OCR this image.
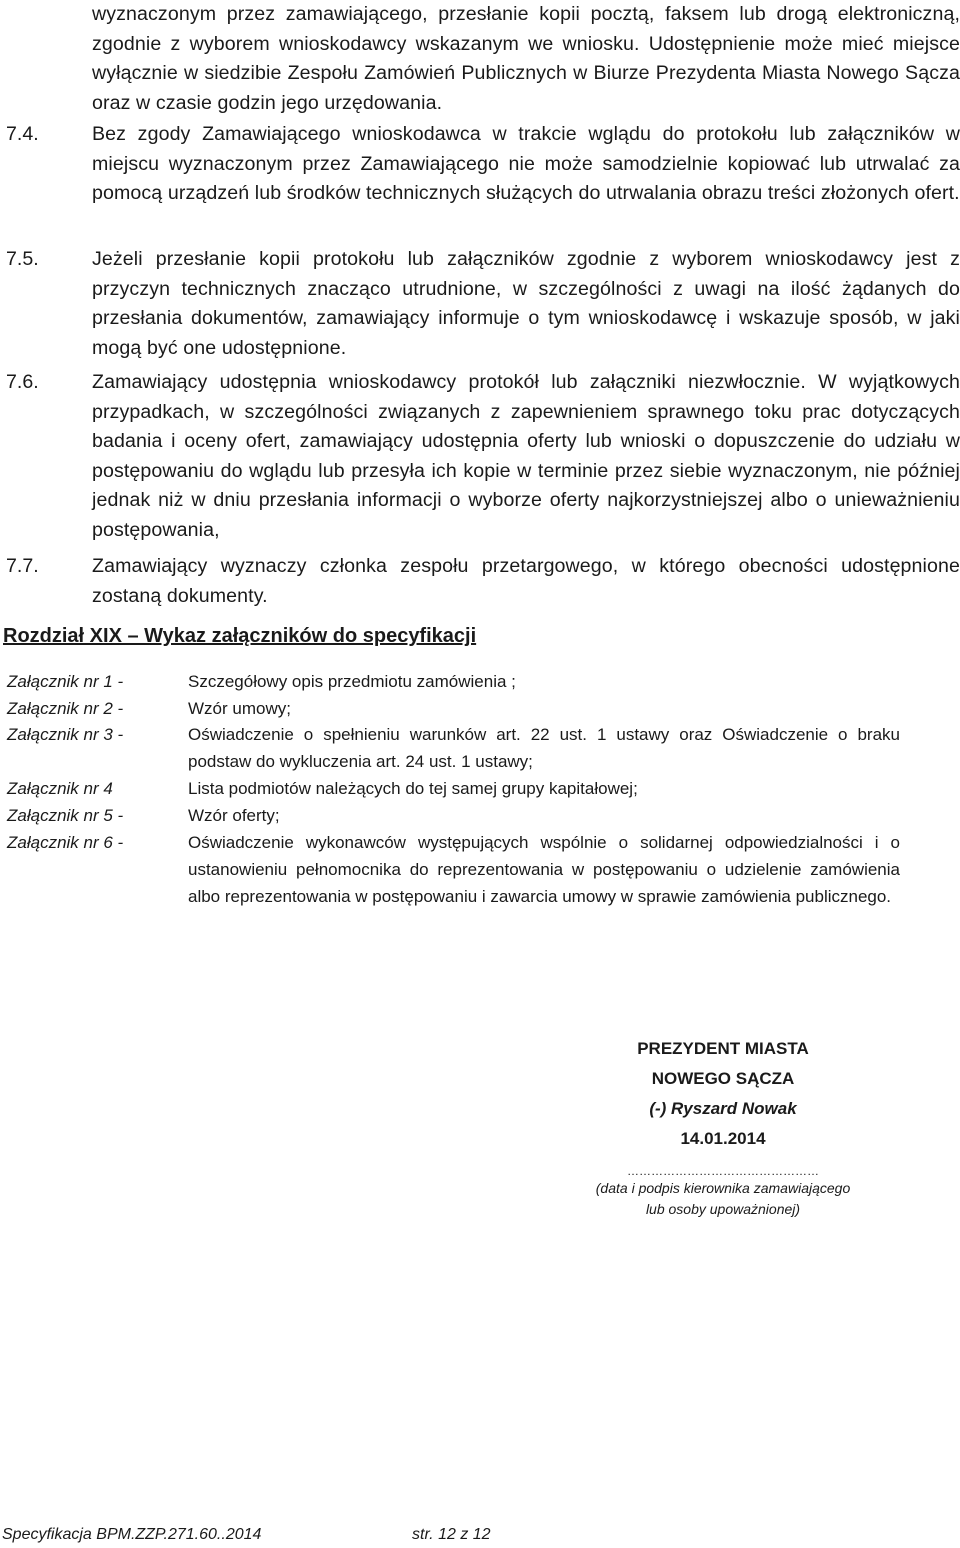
wyznaczonym przez zamawiającego, przesłanie kopii pocztą, faksem lub drogą elektroniczną, zgodnie z wyborem wnioskodawcy wskazanym we wniosku. Udostępnienie może mieć miejsce wyłącznie w siedzibie Zespołu Zamówień Publicznych w Biurze Prezydenta Miasta Nowego Sącza oraz w czasie godzin jego urzędowania.
7.4.	Bez zgody Zamawiającego wnioskodawca w trakcie wglądu do protokołu lub załączników w miejscu wyznaczonym przez Zamawiającego nie może samodzielnie kopiować lub utrwalać za pomocą urządzeń lub środków technicznych służących do utrwalania obrazu treści złożonych ofert.
7.5.	Jeżeli przesłanie kopii protokołu lub załączników zgodnie z wyborem wnioskodawcy jest z przyczyn technicznych znacząco utrudnione, w szczególności z uwagi na ilość żądanych do przesłania dokumentów, zamawiający informuje o tym wnioskodawcę i wskazuje sposób, w jaki mogą być one udostępnione.
7.6.	Zamawiający udostępnia wnioskodawcy protokół lub załączniki niezwłocznie. W wyjątkowych przypadkach, w szczególności związanych z zapewnieniem sprawnego toku prac dotyczących badania i oceny ofert, zamawiający udostępnia oferty lub wnioski o dopuszczenie do udziału w postępowaniu do wglądu lub przesyła ich kopie w terminie przez siebie wyznaczonym, nie później jednak niż w dniu przesłania informacji o wyborze oferty najkorzystniejszej albo o unieważnieniu postępowania,
7.7.	Zamawiający wyznaczy członka zespołu przetargowego, w którego obecności udostępnione zostaną dokumenty.
Rozdział XIX – Wykaz załączników do specyfikacji
Załącznik nr 1 -	Szczegółowy opis przedmiotu zamówienia ;
Załącznik nr 2 -	Wzór umowy;
Załącznik nr 3 -	Oświadczenie o spełnieniu warunków art. 22 ust. 1 ustawy oraz Oświadczenie o braku podstaw do wykluczenia art. 24 ust. 1 ustawy;
Załącznik nr 4	Lista podmiotów należących do tej samej grupy kapitałowej;
Załącznik nr 5 -	Wzór oferty;
Załącznik nr 6 -	Oświadczenie wykonawców występujących wspólnie o solidarnej odpowiedzialności i o ustanowieniu pełnomocnika do reprezentowania w postępowaniu o udzielenie zamówienia albo reprezentowania w postępowaniu i zawarcia umowy w sprawie zamówienia publicznego.
PREZYDENT MIASTA
NOWEGO SĄCZA
(-) Ryszard Nowak
14.01.2014
…………………………………………
(data i podpis kierownika zamawiającego
lub osoby upoważnionej)
Specyfikacja BPM.ZZP.271.60..2014	str. 12 z 12
